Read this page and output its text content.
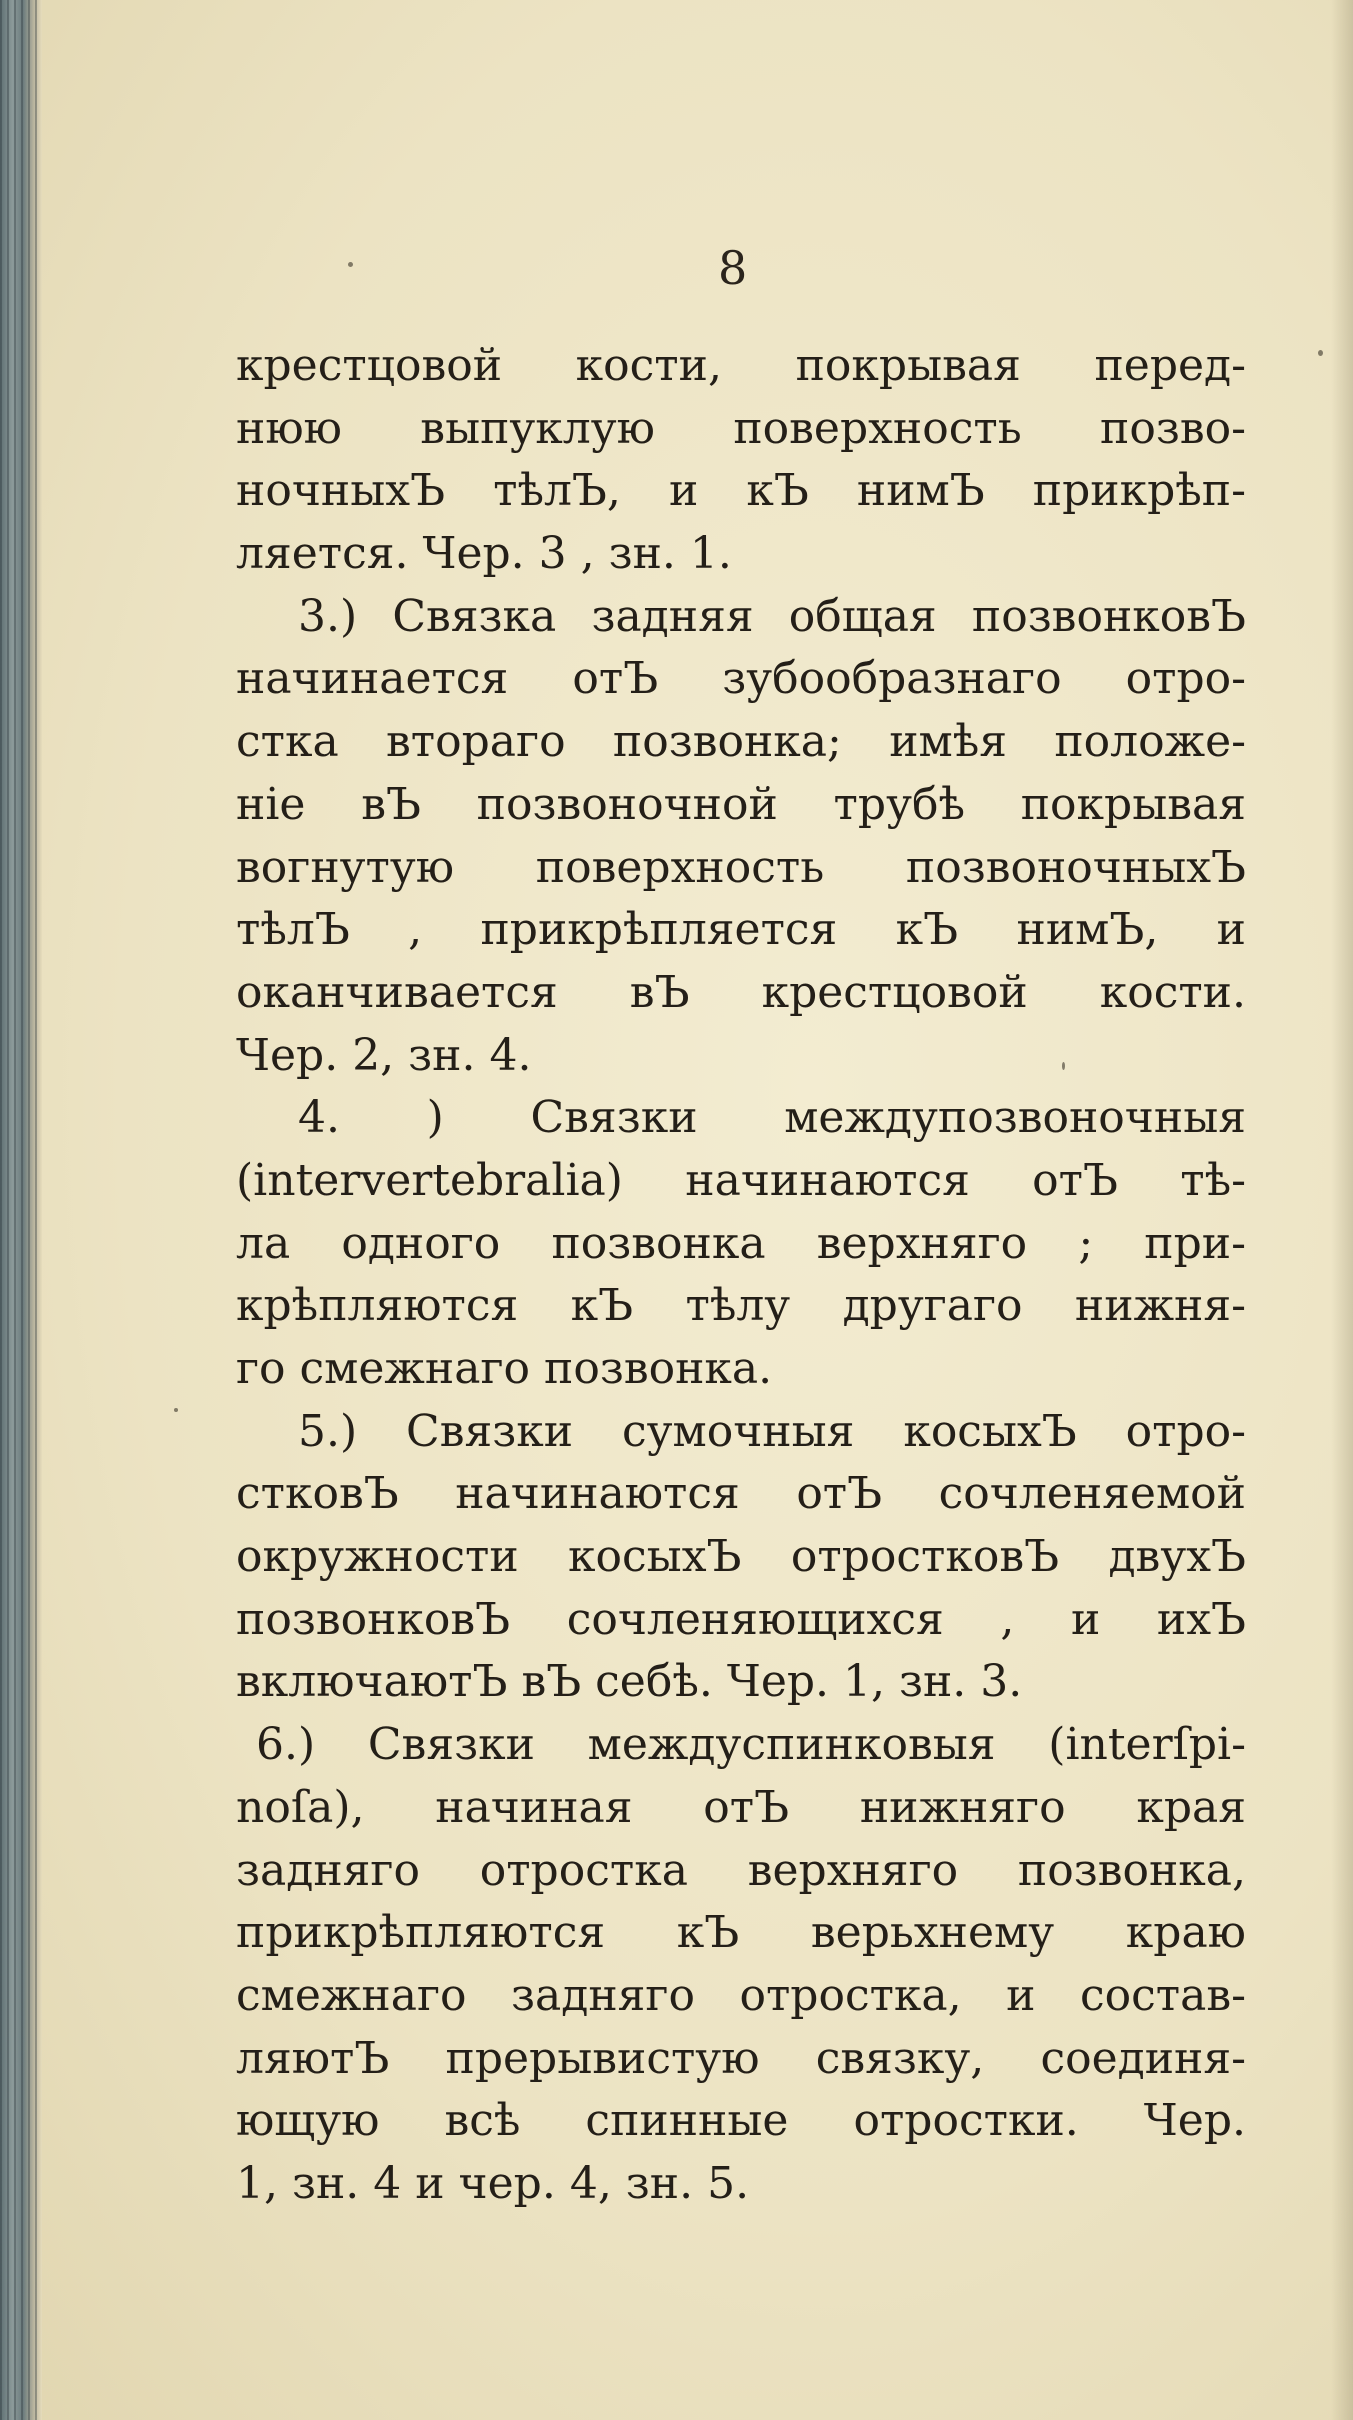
8
крестцовой кости, покрывая перед-
нюю выпуклую поверхность позво-
ночныхЪ тѣлЪ, и кЪ нимЪ прикрѣп-
ляется. Чер. 3 , зн. 1.
3.) Связка задняя общая позвонковЪ
начинается отЪ зубообразнаго отро-
стка втораго позвонка; имѣя положе-
нiе вЪ позвоночной трубѣ покрывая
вогнутую поверхность позвоночныхЪ
тѣлЪ , прикрѣпляется кЪ нимЪ, и
оканчивается вЪ крестцовой кости.
Чер. 2, зн. 4.
4. ) Связки междупозвоночныя
(intervertebralia) начинаются отЪ тѣ-
ла одного позвонка верхняго ; при-
крѣпляются кЪ тѣлу другаго нижня-
го смежнаго позвонка.
5.) Связки сумочныя косыхЪ отро-
стковЪ начинаются отЪ сочленяемой
окружности косыхЪ отростковЪ двухЪ
позвонковЪ сочленяющихся , и ихЪ
включаютЪ вЪ себѣ. Чер. 1, зн. 3.
6.) Связки междуспинковыя (interſpi-
noſa), начиная отЪ нижняго края
задняго отростка верхняго позвонка,
прикрѣпляются кЪ верьхнему краю
смежнаго задняго отростка, и состав-
ляютЪ прерывистую связку, соединя-
ющую всѣ спинные отростки. Чер.
1, зн. 4 и чер. 4, зн. 5.
